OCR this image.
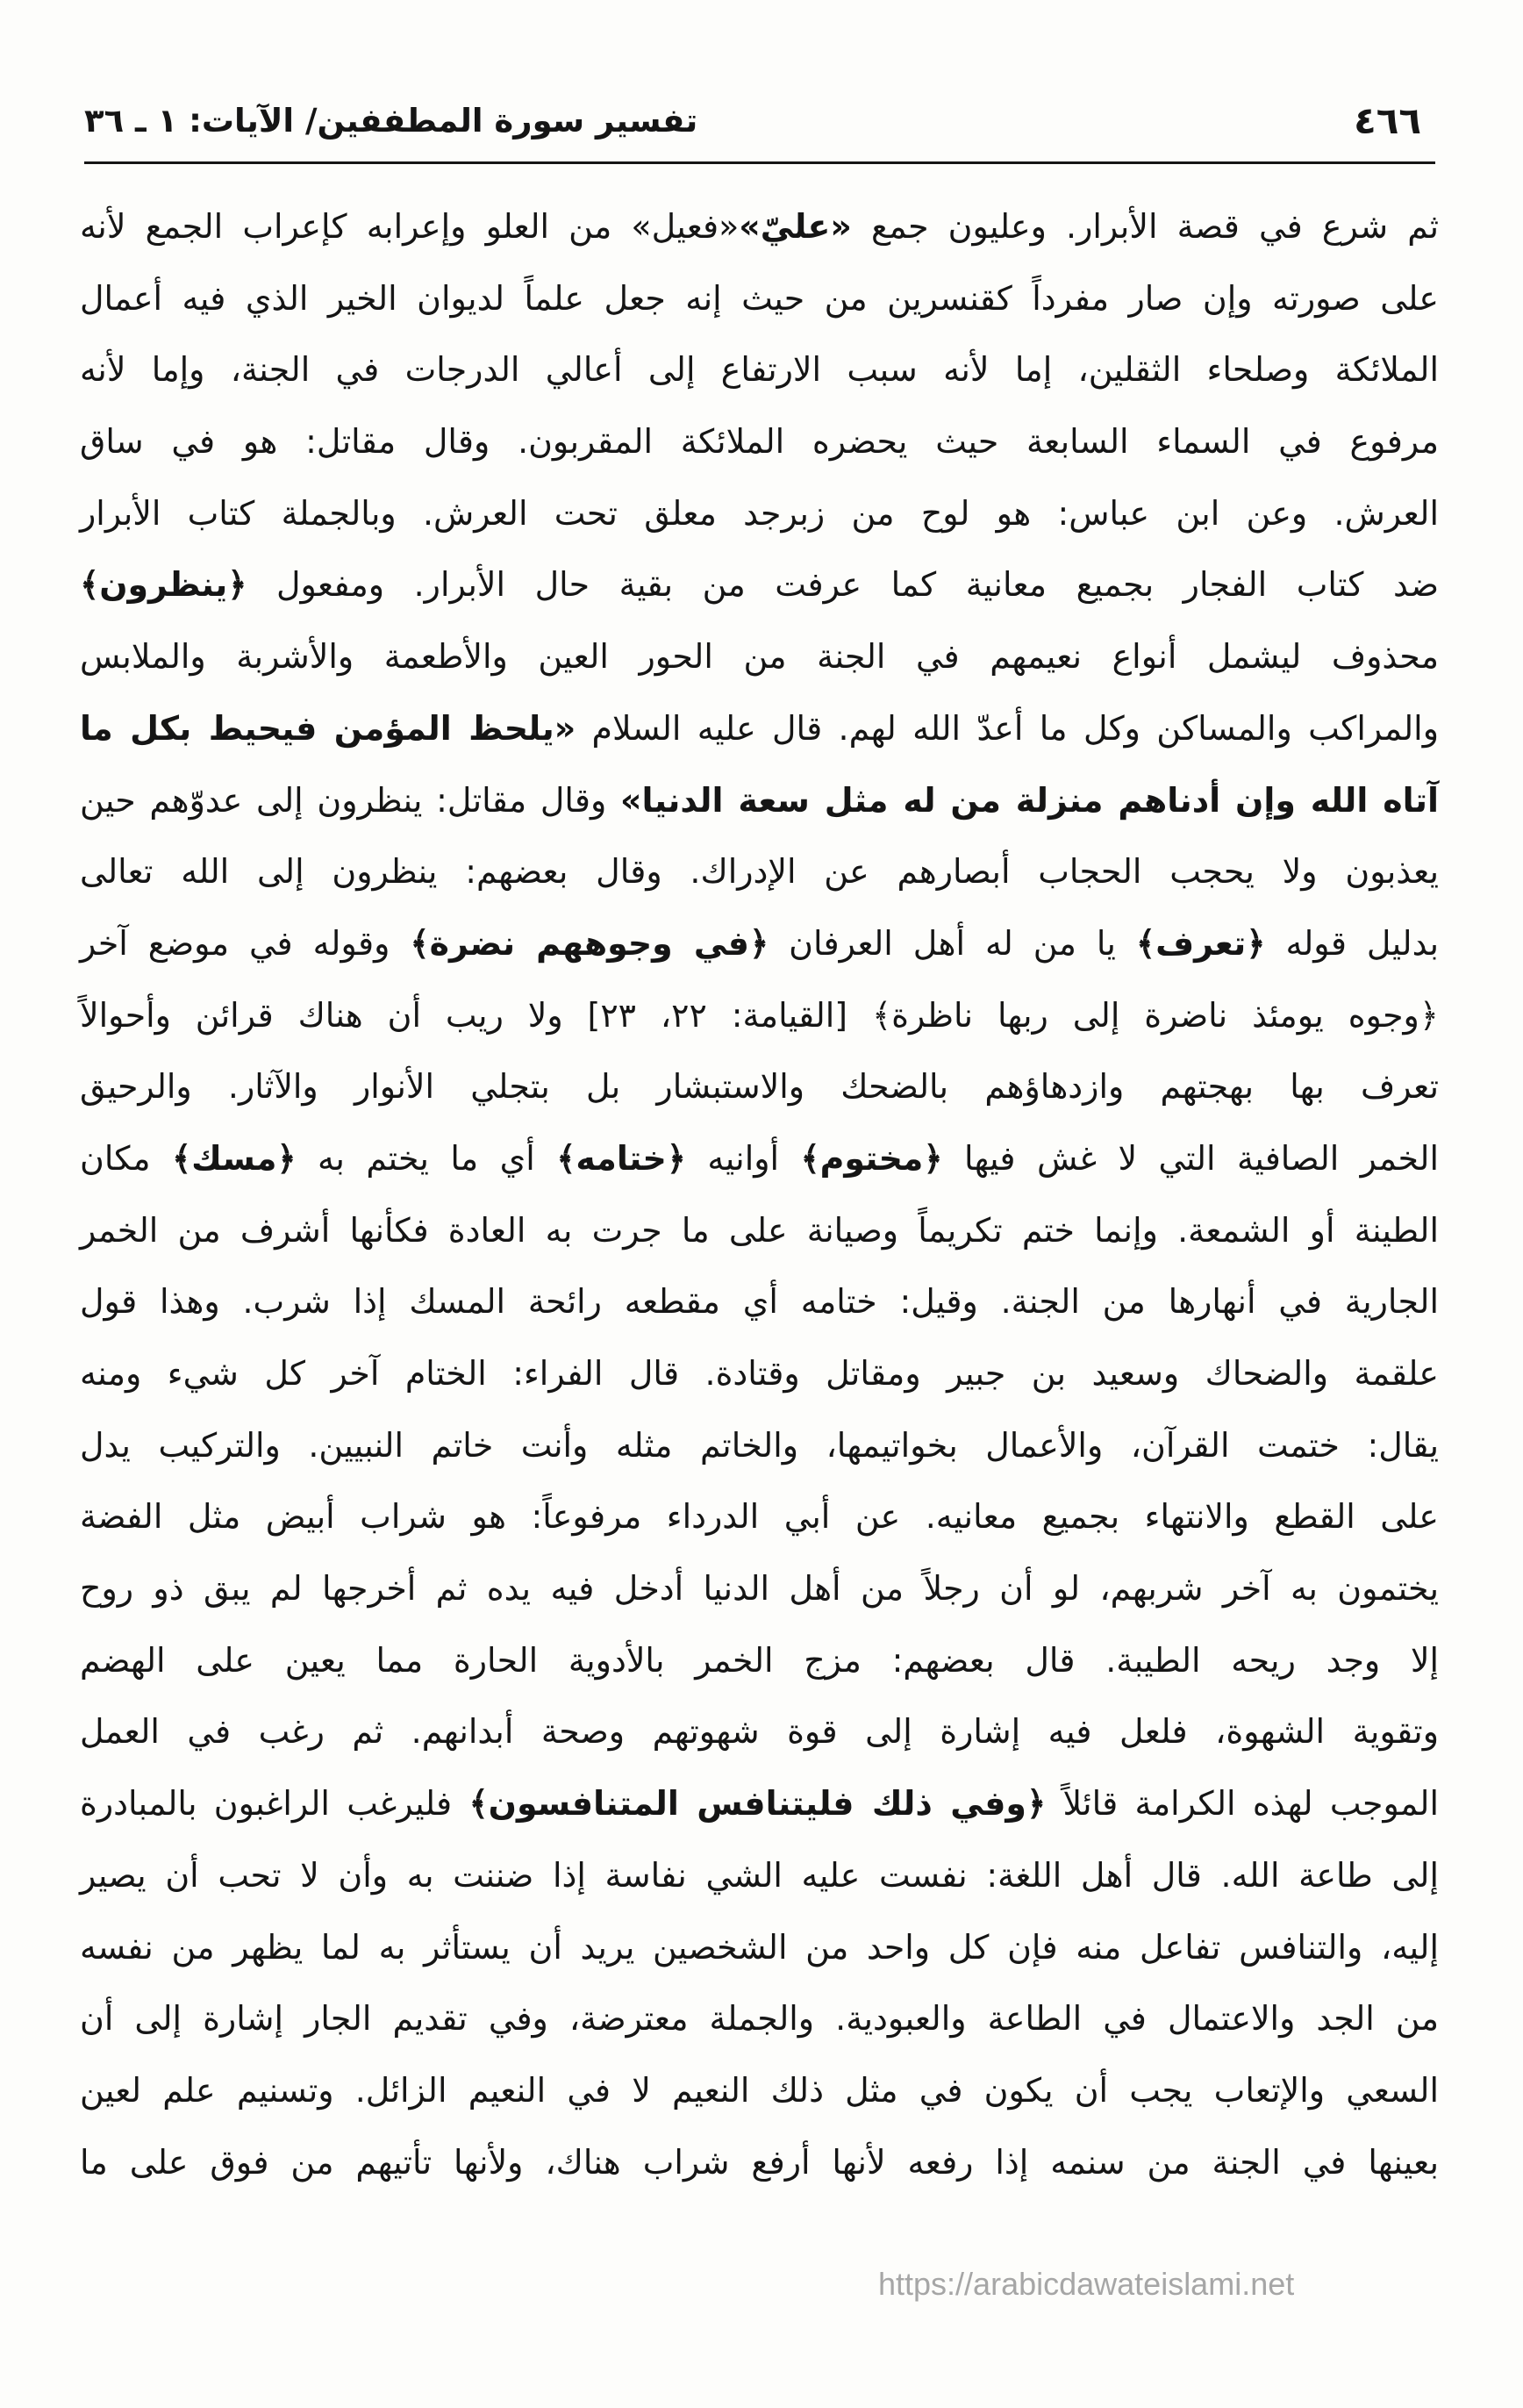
تفسير سورة المطففين/ الآيات: ١ ـ ٣٦	٤٦٦
ثم شرع في قصة الأبرار. وعليون جمع «عليّ»«فعيل» من العلو وإعرابه كإعراب الجمع لأنه
على صورته وإن صار مفرداً كقنسرين من حيث إنه جعل علماً لديوان الخير الذي فيه أعمال
الملائكة وصلحاء الثقلين، إما لأنه سبب الارتفاع إلى أعالي الدرجات في الجنة، وإما لأنه
مرفوع في السماء السابعة حيث يحضره الملائكة المقربون. وقال مقاتل: هو في ساق
العرش. وعن ابن عباس: هو لوح من زبرجد معلق تحت العرش. وبالجملة كتاب الأبرار
ضد كتاب الفجار بجميع معانية كما عرفت من بقية حال الأبرار. ومفعول ﴿ينظرون﴾
محذوف ليشمل أنواع نعيمهم في الجنة من الحور العين والأطعمة والأشربة والملابس
والمراكب والمساكن وكل ما أعدّ الله لهم. قال عليه السلام «يلحظ المؤمن فيحيط بكل ما
آتاه الله وإن أدناهم منزلة من له مثل سعة الدنيا» وقال مقاتل: ينظرون إلى عدوّهم حين
يعذبون ولا يحجب الحجاب أبصارهم عن الإدراك. وقال بعضهم: ينظرون إلى الله تعالى
بدليل قوله ﴿تعرف﴾ يا من له أهل العرفان ﴿في وجوههم نضرة﴾ وقوله في موضع آخر
﴿وجوه يومئذ ناضرة إلى ربها ناظرة﴾ [القيامة: ٢٢، ٢٣] ولا ريب أن هناك قرائن وأحوالاً
تعرف بها بهجتهم وازدهاؤهم بالضحك والاستبشار بل بتجلي الأنوار والآثار. والرحيق
الخمر الصافية التي لا غش فيها ﴿مختوم﴾ أوانيه ﴿ختامه﴾ أي ما يختم به ﴿مسك﴾ مكان
الطينة أو الشمعة. وإنما ختم تكريماً وصيانة على ما جرت به العادة فكأنها أشرف من الخمر
الجارية في أنهارها من الجنة. وقيل: ختامه أي مقطعه رائحة المسك إذا شرب. وهذا قول
علقمة والضحاك وسعيد بن جبير ومقاتل وقتادة. قال الفراء: الختام آخر كل شيء ومنه
يقال: ختمت القرآن، والأعمال بخواتيمها، والخاتم مثله وأنت خاتم النبيين. والتركيب يدل
على القطع والانتهاء بجميع معانيه. عن أبي الدرداء مرفوعاً: هو شراب أبيض مثل الفضة
يختمون به آخر شربهم، لو أن رجلاً من أهل الدنيا أدخل فيه يده ثم أخرجها لم يبق ذو روح
إلا وجد ريحه الطيبة. قال بعضهم: مزج الخمر بالأدوية الحارة مما يعين على الهضم
وتقوية الشهوة، فلعل فيه إشارة إلى قوة شهوتهم وصحة أبدانهم. ثم رغب في العمل
الموجب لهذه الكرامة قائلاً ﴿وفي ذلك فليتنافس المتنافسون﴾ فليرغب الراغبون بالمبادرة
إلى طاعة الله. قال أهل اللغة: نفست عليه الشي نفاسة إذا ضننت به وأن لا تحب أن يصير
إليه، والتنافس تفاعل منه فإن كل واحد من الشخصين يريد أن يستأثر به لما يظهر من نفسه
من الجد والاعتمال في الطاعة والعبودية. والجملة معترضة، وفي تقديم الجار إشارة إلى أن
السعي والإتعاب يجب أن يكون في مثل ذلك النعيم لا في النعيم الزائل. وتسنيم علم لعين
بعينها في الجنة من سنمه إذا رفعه لأنها أرفع شراب هناك، ولأنها تأتيهم من فوق على ما
https://arabicdawateislami.net
